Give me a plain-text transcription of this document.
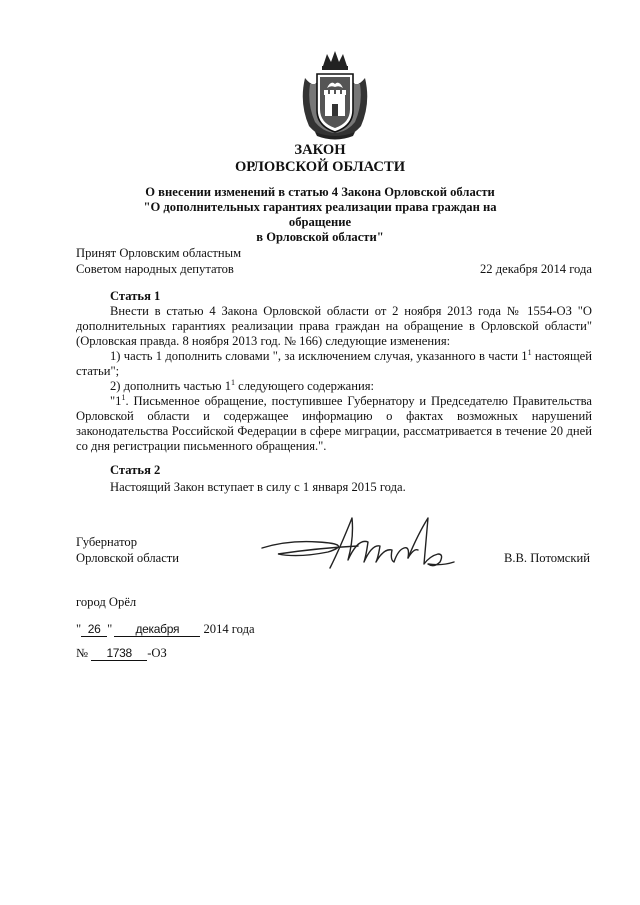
ЗАКОН
ОРЛОВСКОЙ ОБЛАСТИ
О внесении изменений в статью 4 Закона Орловской области
"О дополнительных гарантиях реализации права граждан на обращение
в Орловской области"
Принят Орловским областным
Советом народных депутатов	22 декабря 2014 года
Статья 1

Внести в статью 4 Закона Орловской области от 2 ноября 2013 года № 1554-ОЗ "О дополнительных гарантиях реализации права граждан на обращение в Орловской области" (Орловская правда. 8 ноября 2013 год. № 166) следующие изменения:

1) часть 1 дополнить словами ", за исключением случая, указанного в части $1^1$ настоящей статьи";

2) дополнить частью $1^1$ следующего содержания:

"$1^1$. Письменное обращение, поступившее Губернатору и Председателю Правительства Орловской области и содержащее информацию о фактах возможных нарушений законодательства Российской Федерации в сфере миграции, рассматривается в течение 20 дней со дня регистрации письменного обращения.".

Статья 2
Настоящий Закон вступает в силу с 1 января 2015 года.
Губернатор
Орловской области	В.В. Потомский
город Орёл
" 26 " декабря 2014 года
№ 1738 -ОЗ
